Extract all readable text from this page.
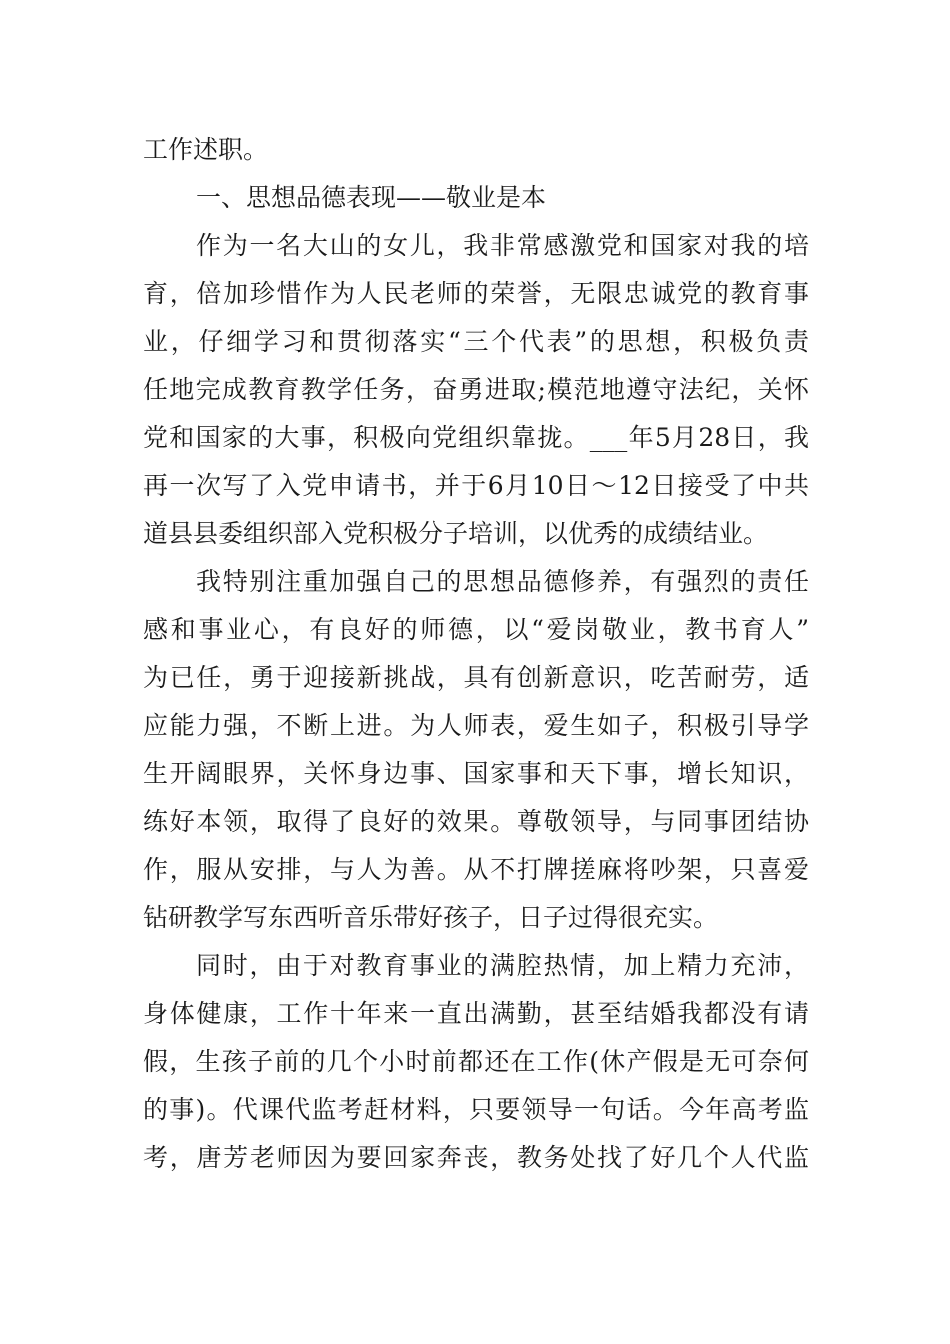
工作述职。
一、思想品德表现——敬业是本
作为一名大山的女儿，我非常感激党和国家对我的培
育，倍加珍惜作为人民老师的荣誉，无限忠诚党的教育事
业，仔细学习和贯彻落实“三个代表”的思想，积极负责
任地完成教育教学任务，奋勇进取;模范地遵守法纪，关怀
党和国家的大事，积极向党组织靠拢。___年5月28日，我
再一次写了入党申请书，并于6月10日～12日接受了中共
道县县委组织部入党积极分子培训，以优秀的成绩结业。
我特别注重加强自己的思想品德修养，有强烈的责任
感和事业心，有良好的师德，以“爱岗敬业，教书育人”
为已任，勇于迎接新挑战，具有创新意识，吃苦耐劳，适
应能力强，不断上进。为人师表，爱生如子，积极引导学
生开阔眼界，关怀身边事、国家事和天下事，增长知识，
练好本领，取得了良好的效果。尊敬领导，与同事团结协
作，服从安排，与人为善。从不打牌搓麻将吵架，只喜爱
钻研教学写东西听音乐带好孩子，日子过得很充实。
同时，由于对教育事业的满腔热情，加上精力充沛，
身体健康，工作十年来一直出满勤，甚至结婚我都没有请
假，生孩子前的几个小时前都还在工作(休产假是无可奈何
的事)。代课代监考赶材料，只要领导一句话。今年高考监
考，唐芳老师因为要回家奔丧，教务处找了好几个人代监
